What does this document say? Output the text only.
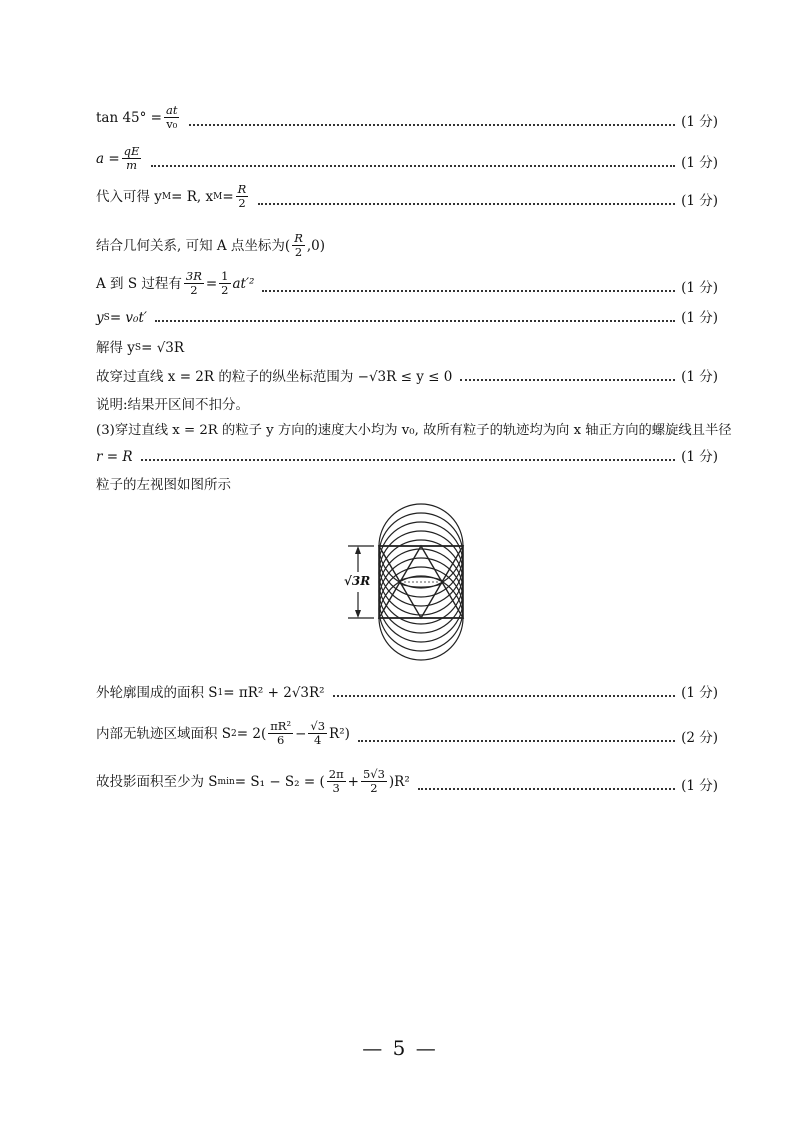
$\tan 45^\circ = \frac{at}{\text{v₀}}$	(1 分)
$a = \frac{qE}{m}$	(1 分)
代入可得 y M = R, x $M = \frac{R}{2}$	(1 分)
结合几何关系, 可知 A 点坐标为( $\frac{R}{2} ,0$)
A 到 S 过程有 $\frac{3R}{2} = \frac{1}{2} at'^2$	(1 分)
y S = v₀t′	(1 分)
解得 y S = √3R
故穿过直线 x = 2R 的粒子的纵坐标范围为 −√3R ≤ y ≤ 0	(1 分)
说明:结果开区间不扣分。
(3)穿过直线 x = 2R 的粒子 y 方向的速度大小均为 v₀, 故所有粒子的轨迹均为向 x 轴正方向的螺旋线且半径
r = R	(1 分)
粒子的左视图如图所示
√3R
外轮廓围成的面积 S 1 = πR² + 2√3R²	(1 分)
内部无轨迹区域面积 S $2 = 2( \frac{\text{πR²}}{6} - \frac{√3}{4} R^2)$	(2 分)
故投影面积至少为 S min = S₁ − S₂ = ( $\frac{2\pi}{3} + \frac{5√3}{2} )R^2$	(1 分)
— 5 —
